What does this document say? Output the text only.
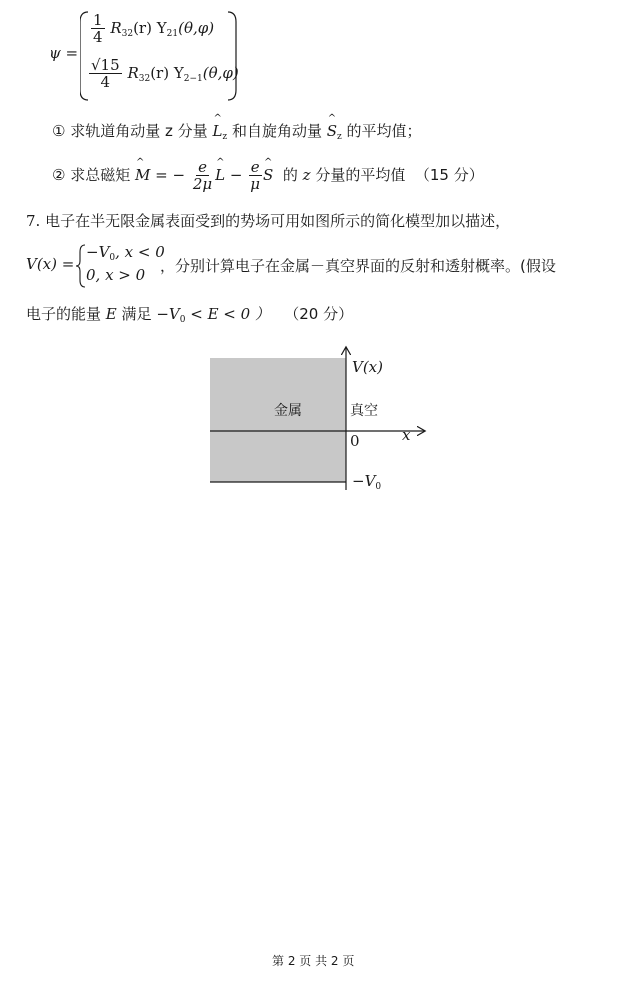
ψ =
$\frac{1}{4} R_{32}(r)$ $Y_{21}(\theta,\varphi)$
$\frac{√15}{4} R_{32}(r)$ $Y_{2-1}(\theta,\varphi)$
① 求轨道角动量 z 分量 ^ $L_z$ 和自旋角动量 ^ $S_z$ 的平均值；
② 求总磁矩 ^ M = − $\frac{e}{2\mu}$ ^ $L - \frac{e}{\mu}$ ^ S 的 z 分量的平均值 （15 分）
7. 电子在半无限金属表面受到的势场可用如图所示的简化模型加以描述，
V(x) =
$-V_0$, x < 0
0, x > 0 ，分别计算电子在金属－真空界面的反射和透射概率。(假设
电子的能量 E 满足 $-V_0 < E < 0$ ） （20 分）
V(x)
x
0
金属	真空
$-V_0$
第 2 页 共 2 页
